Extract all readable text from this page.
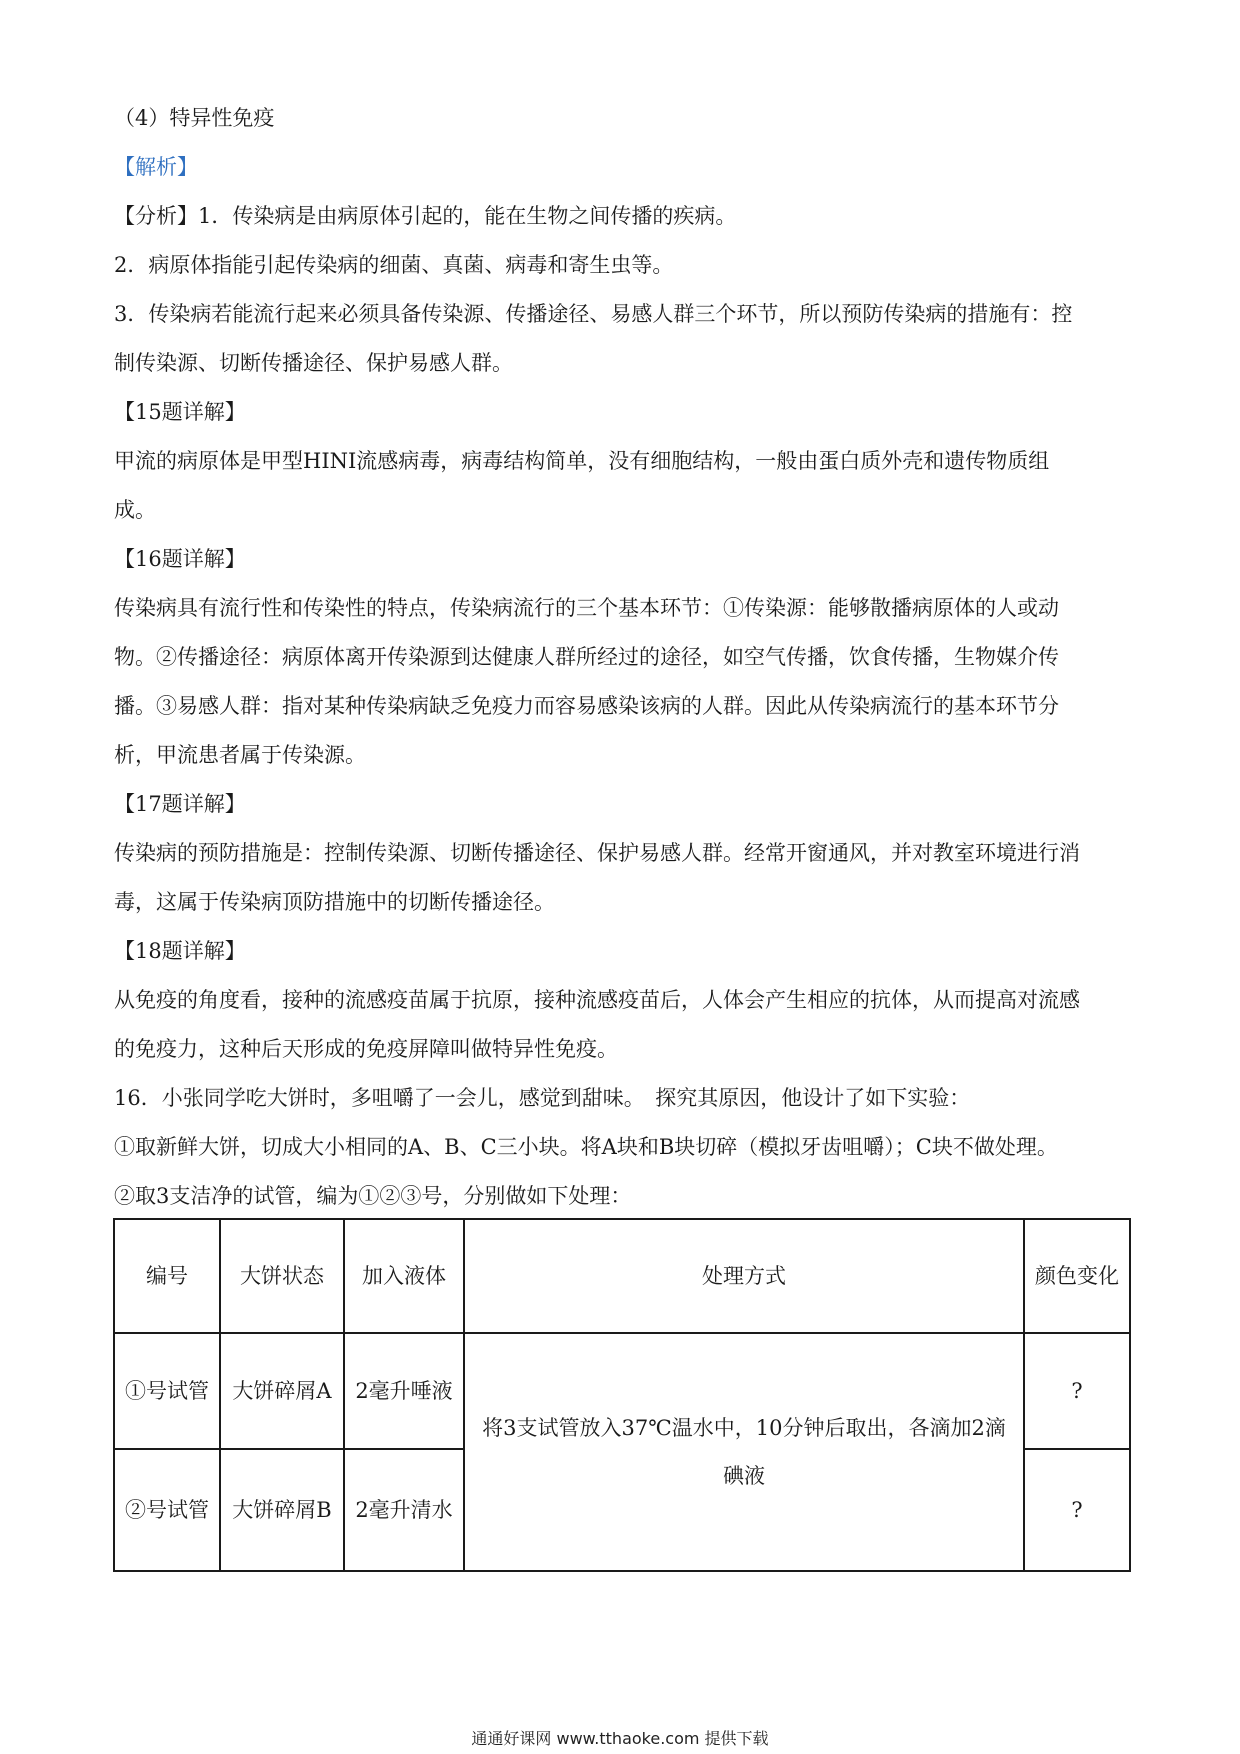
（4）特异性免疫
【解析】
【分析】1．传染病是由病原体引起的，能在生物之间传播的疾病。
2．病原体指能引起传染病的细菌、真菌、病毒和寄生虫等。
3．传染病若能流行起来必须具备传染源、传播途径、易感人群三个环节，所以预防传染病的措施有：控
制传染源、切断传播途径、保护易感人群。
【15题详解】
甲流的病原体是甲型HINI流感病毒，病毒结构简单，没有细胞结构，一般由蛋白质外壳和遗传物质组
成。
【16题详解】
传染病具有流行性和传染性的特点，传染病流行的三个基本环节：①传染源：能够散播病原体的人或动
物。②传播途径：病原体离开传染源到达健康人群所经过的途径，如空气传播，饮食传播，生物媒介传
播。③易感人群：指对某种传染病缺乏免疫力而容易感染该病的人群。因此从传染病流行的基本环节分
析，甲流患者属于传染源。
【17题详解】
传染病的预防措施是：控制传染源、切断传播途径、保护易感人群。经常开窗通风，并对教室环境进行消
毒，这属于传染病顶防措施中的切断传播途径。
【18题详解】
从免疫的角度看，接种的流感疫苗属于抗原，接种流感疫苗后，人体会产生相应的抗体，从而提高对流感
的免疫力，这种后天形成的免疫屏障叫做特异性免疫。
16．小张同学吃大饼时，多咀嚼了一会儿，感觉到甜味。　探究其原因，他设计了如下实验：
①取新鲜大饼，切成大小相同的A、B、C三小块。将A块和B块切碎（模拟牙齿咀嚼）；C块不做处理。
②取3支洁净的试管，编为①②③号，分别做如下处理：
编号	大饼状态	加入液体	处理方式	颜色变化
①号试管	大饼碎屑A	2毫升唾液	将3支试管放入37℃温水中，10分钟后取出，各滴加2滴碘液	?
②号试管	大饼碎屑B	2毫升清水		?
通通好课网 www.tthaoke.com 提供下载
